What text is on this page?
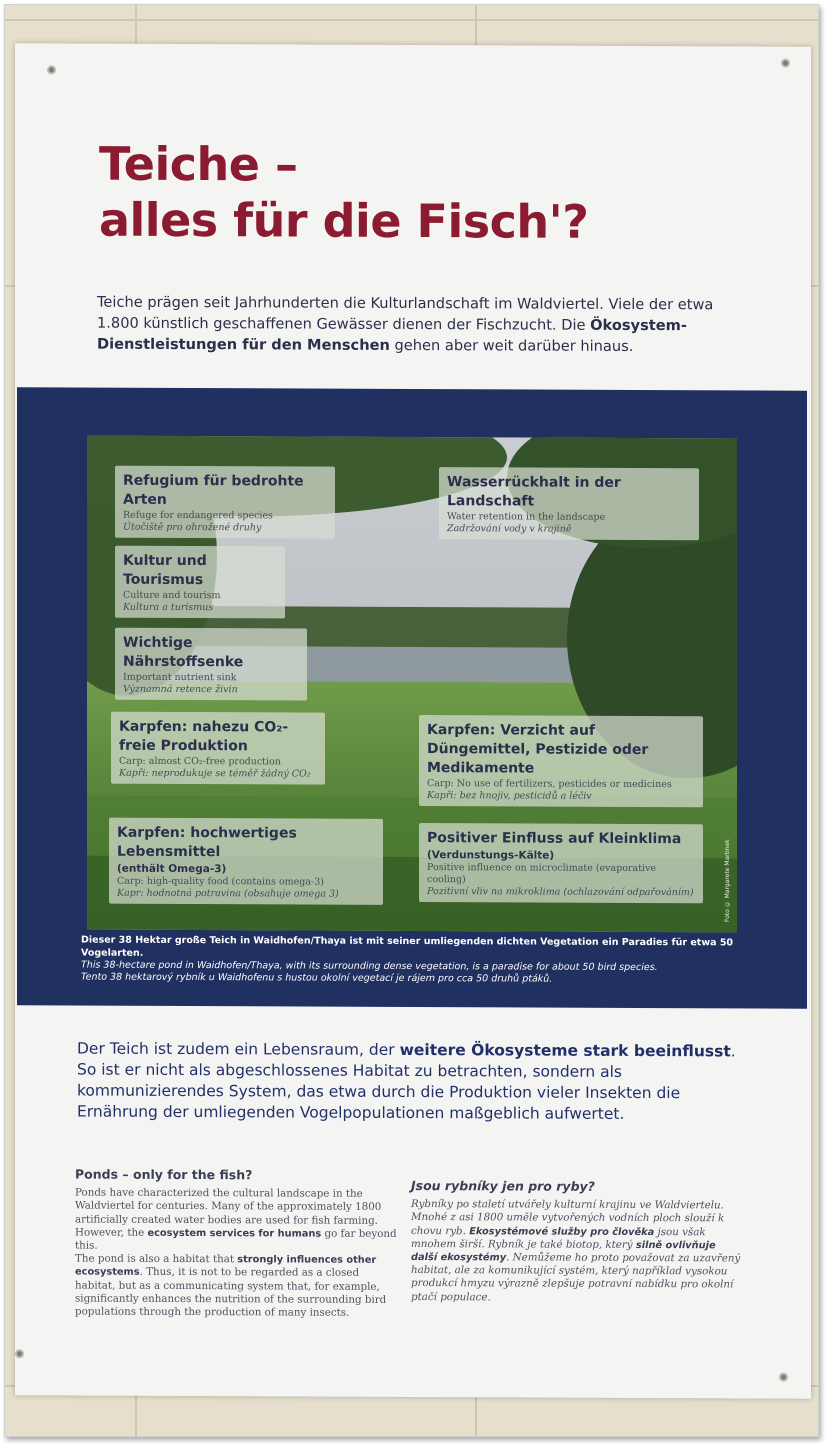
Teiche –
alles für die Fisch'?

Teiche prägen seit Jahrhunderten die Kulturlandschaft im Waldviertel. Viele der etwa 1.800 künstlich geschaffenen Gewässer dienen der Fischzucht. Die Ökosystem-Dienstleistungen für den Menschen gehen aber weit darüber hinaus.

Refugium für bedrohte Arten
Refuge for endangered species
Útočiště pro ohrožené druhy
Wasserrückhalt in der Landschaft
Water retention in the landscape
Zadržování vody v krajině
Kultur und Tourismus
Culture and tourism
Kultura a turismus
Wichtige Nährstoffsenke
Important nutrient sink
Významná retence živin
Karpfen: nahezu CO₂-freie Produktion
Carp: almost CO₂-free production
Kapři: neprodukuje se téměř žádný CO₂
Karpfen: Verzicht auf Düngemittel, Pestizide oder Medikamente
Carp: No use of fertilizers, pesticides or medicines
Kapři: bez hnojiv, pesticidů a léčiv
Karpfen: hochwertiges Lebensmittel
(enthält Omega-3)
Carp: high-quality food (contains omega-3)
Kapr: hodnotná potravina (obsahuje omega 3)
Positiver Einfluss auf Kleinklima
(Verdunstungs-Kälte)
Positive influence on microclimate (evaporative cooling)
Pozitivní vliv na mikroklima (ochlazování odpařováním)	Foto © Margarete Martinek
Dieser 38 Hektar große Teich in Waidhofen/Thaya ist mit seiner umliegenden dichten Vegetation ein Paradies für etwa 50 Vogelarten.
This 38-hectare pond in Waidhofen/Thaya, with its surrounding dense vegetation, is a paradise for about 50 bird species.
Tento 38 hektarový rybník u Waidhofenu s hustou okolní vegetací je rájem pro cca 50 druhů ptáků.

Der Teich ist zudem ein Lebensraum, der weitere Ökosysteme stark beeinflusst. So ist er nicht als abgeschlossenes Habitat zu betrachten, sondern als kommunizierendes System, das etwa durch die Produktion vieler Insekten die Ernährung der umliegenden Vogelpopulationen maßgeblich aufwertet.

Ponds – only for the fish?

Ponds have characterized the cultural landscape in the Waldviertel for centuries. Many of the approximately 1800 artificially created water bodies are used for fish farming. However, the ecosystem services for humans go far beyond this.
The pond is also a habitat that strongly influences other ecosystems. Thus, it is not to be regarded as a closed habitat, but as a communicating system that, for example, significantly enhances the nutrition of the surrounding bird populations through the production of many insects.

Jsou rybníky jen pro ryby?

Rybníky po staletí utvářely kulturní krajinu ve Waldviertelu. Mnohé z asi 1800 uměle vytvořených vodních ploch slouží k chovu ryb. Ekosystémové služby pro člověka jsou však mnohem širší. Rybník je také biotop, který silně ovlivňuje další ekosystémy. Nemůžeme ho proto považovat za uzavřený habitat, ale za komunikující systém, který například vysokou produkcí hmyzu výrazně zlepšuje potravní nabídku pro okolní ptačí populace.
